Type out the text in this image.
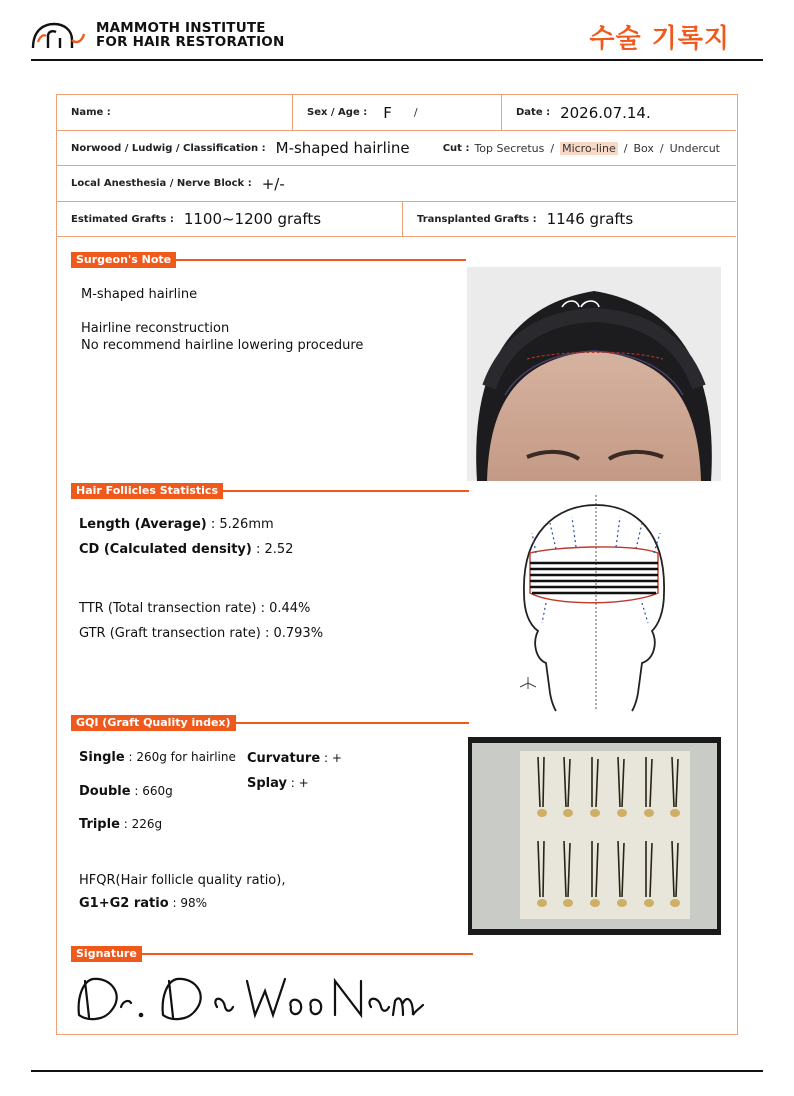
MAMMOTH INSTITUTE
FOR HAIR RESTORATION	수술 기록지
Name :	Sex / Age : F /	Date : 2026.07.14.
Norwood / Ludwig / Classification : M-shaped hairline	Cut : Top Secretus / Micro-line / Box / Undercut
Local Anesthesia / Nerve Block : +/-
Estimated Grafts : 1100~1200 grafts	Transplanted Grafts : 1146 grafts
Surgeon's Note
M-shaped hairline
Hairline reconstruction
No recommend hairline lowering procedure
Hair Follicles Statistics
Length (Average) : 5.26mm
CD (Calculated density) : 2.52
TTR (Total transection rate) : 0.44%
GTR (Graft transection rate) : 0.793%
GQI (Graft Quality index)
Single : 260g for hairline
Double : 660g
Triple : 226g
Curvature : +
Splay : +
HFQR(Hair follicle quality ratio),
G1+G2 ratio : 98%
Signature
